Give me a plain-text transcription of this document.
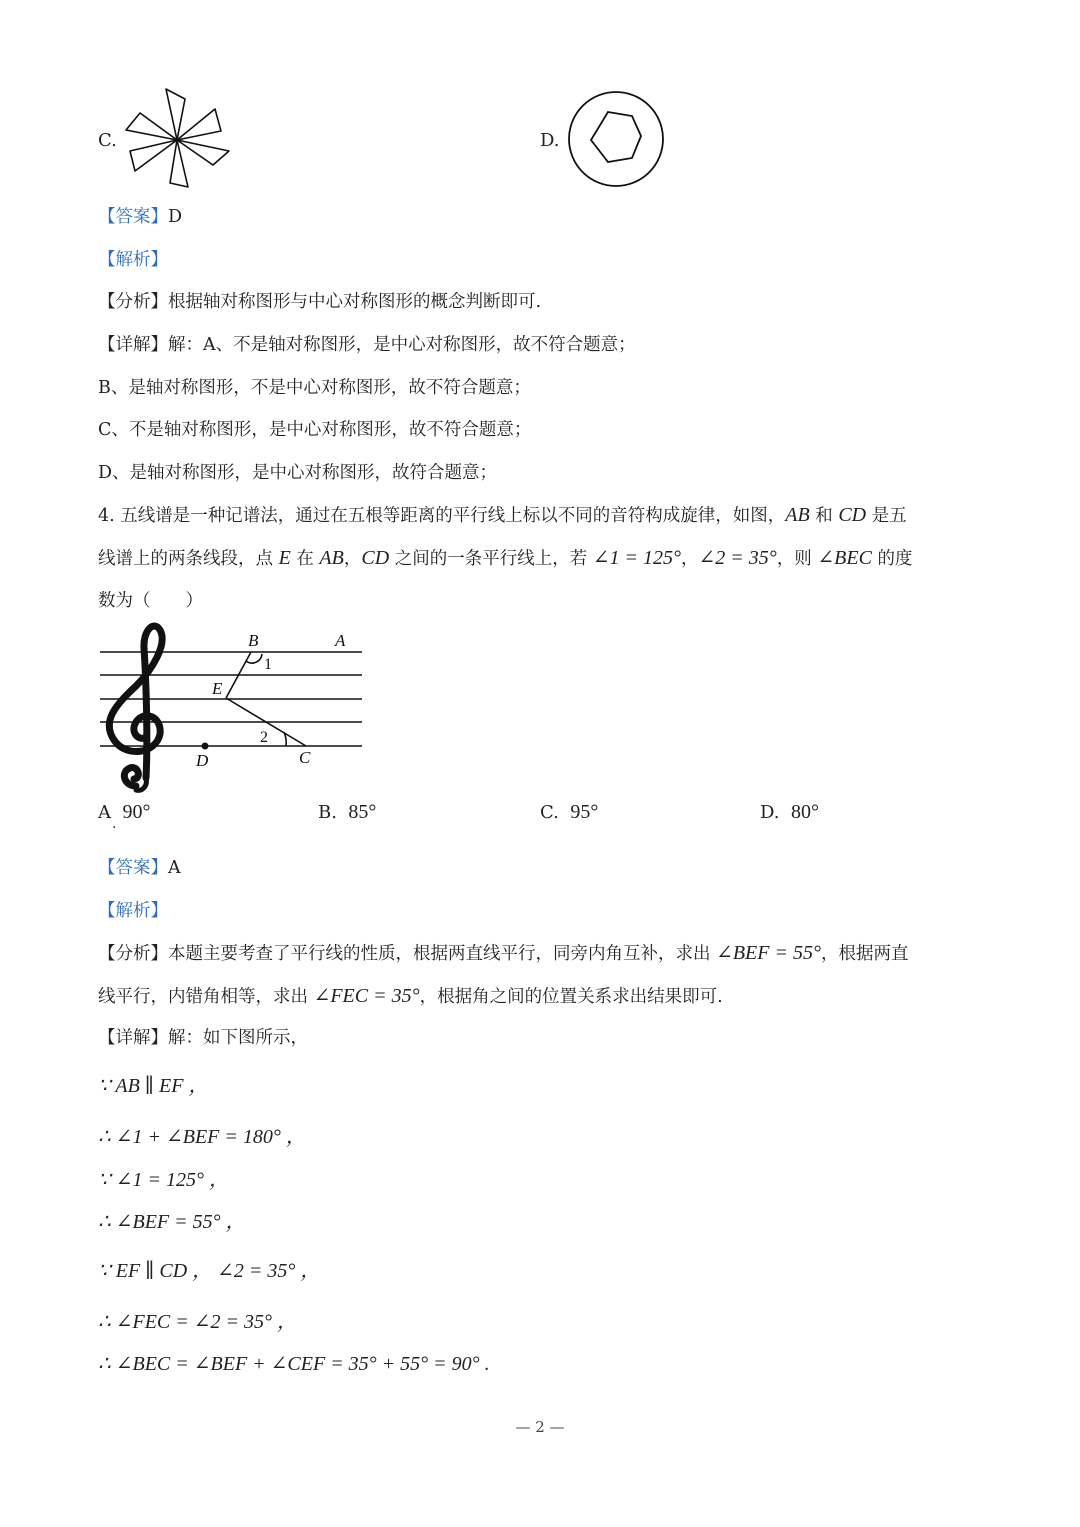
C.	D.
【答案】D
【解析】
【分析】根据轴对称图形与中心对称图形的概念判断即可.
【详解】解：A、不是轴对称图形，是中心对称图形，故不符合题意；
B、是轴对称图形，不是中心对称图形，故不符合题意；
C、不是轴对称图形，是中心对称图形，故不符合题意；
D、是轴对称图形，是中心对称图形，故符合题意；
4. 五线谱是一种记谱法，通过在五根等距离的平行线上标以不同的音符构成旋律，如图，AB 和 CD 是五
线谱上的两条线段，点 E 在 AB，CD 之间的一条平行线上，若 ∠1 = 125°，∠2 = 35°，则 ∠BEC 的度
数为（　　）
B	A
E
D	C
1
2
A 90°
.
B. 85°	C. 95°	D. 80°
【答案】A
【解析】
【分析】本题主要考查了平行线的性质，根据两直线平行，同旁内角互补，求出 ∠BEF = 55°，根据两直
线平行，内错角相等，求出 ∠FEC = 35°，根据角之间的位置关系求出结果即可.
【详解】解：如下图所示，
∵ AB ∥ EF ，
∴ ∠1 + ∠BEF = 180° ，
∵ ∠1 = 125° ，
∴ ∠BEF = 55° ，
∵ EF ∥ CD ， ∠2 = 35° ，
∴ ∠FEC = ∠2 = 35° ，
∴ ∠BEC = ∠BEF + ∠CEF = 35° + 55° = 90° .
— 2 —
